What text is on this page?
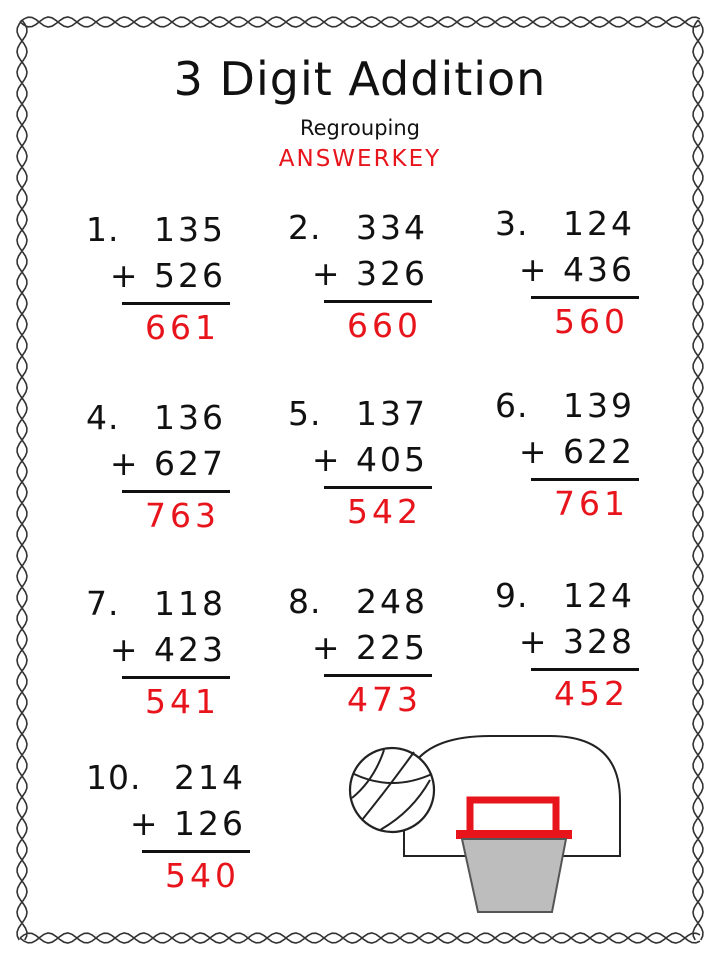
3 Digit Addition
Regrouping
ANSWERKEY
1. 135
+ 526
661
2. 334
+ 326
660
3. 124
+ 436
560
4. 136
+ 627
763
5. 137
+ 405
542
6. 139
+ 622
761
7. 118
+ 423
541
8. 248
+ 225
473
9. 124
+ 328
452
10. 214
+ 126
540
